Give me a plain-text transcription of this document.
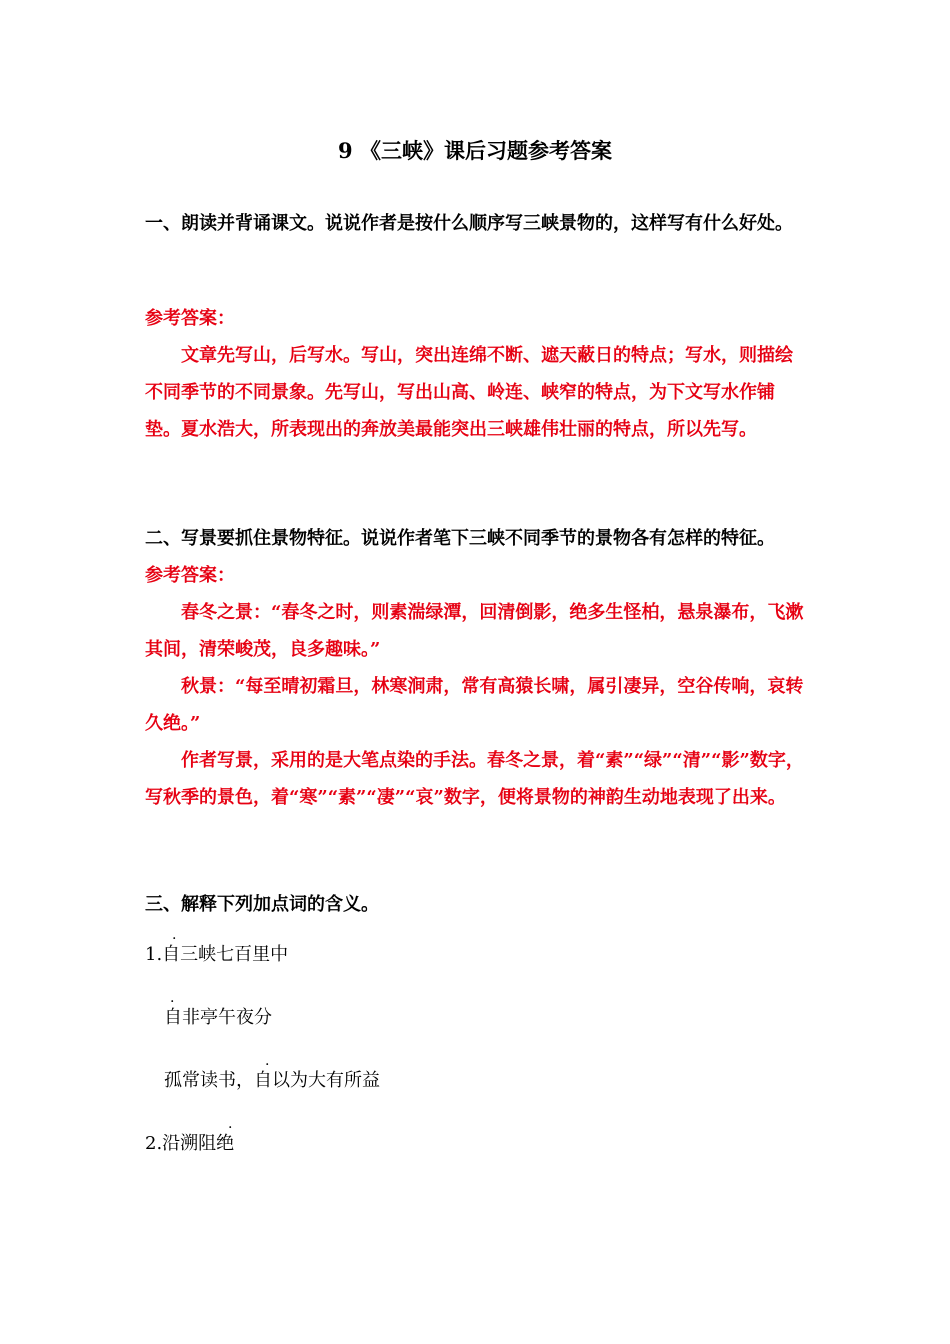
9 《三峡》课后习题参考答案

一、朗读并背诵课文。说说作者是按什么顺序写三峡景物的，这样写有什么好处。

参考答案：

文章先写山，后写水。写山，突出连绵不断、遮天蔽日的特点；写水，则描绘不同季节的不同景象。先写山，写出山高、岭连、峡窄的特点，为下文写水作铺垫。夏水浩大，所表现出的奔放美最能突出三峡雄伟壮丽的特点，所以先写。

二、写景要抓住景物特征。说说作者笔下三峡不同季节的景物各有怎样的特征。

参考答案：

春冬之景：“春冬之时，则素湍绿潭，回清倒影，绝多生怪柏，悬泉瀑布，飞漱其间，清荣峻茂，良多趣味。”

秋景：“每至晴初霜旦，林寒涧肃，常有高猿长啸，属引凄异，空谷传响，哀转久绝。”

作者写景，采用的是大笔点染的手法。春冬之景，着“素”“绿”“清”“影”数字，写秋季的景色，着“寒”“素”“凄”“哀”数字，便将景物的神韵生动地表现了出来。

三、解释下列加点词的含义。

.
1.自三峡七百里中
.
自非亭午夜分
.
孤常读书，自以为大有所益
.
2.沿溯阻绝
